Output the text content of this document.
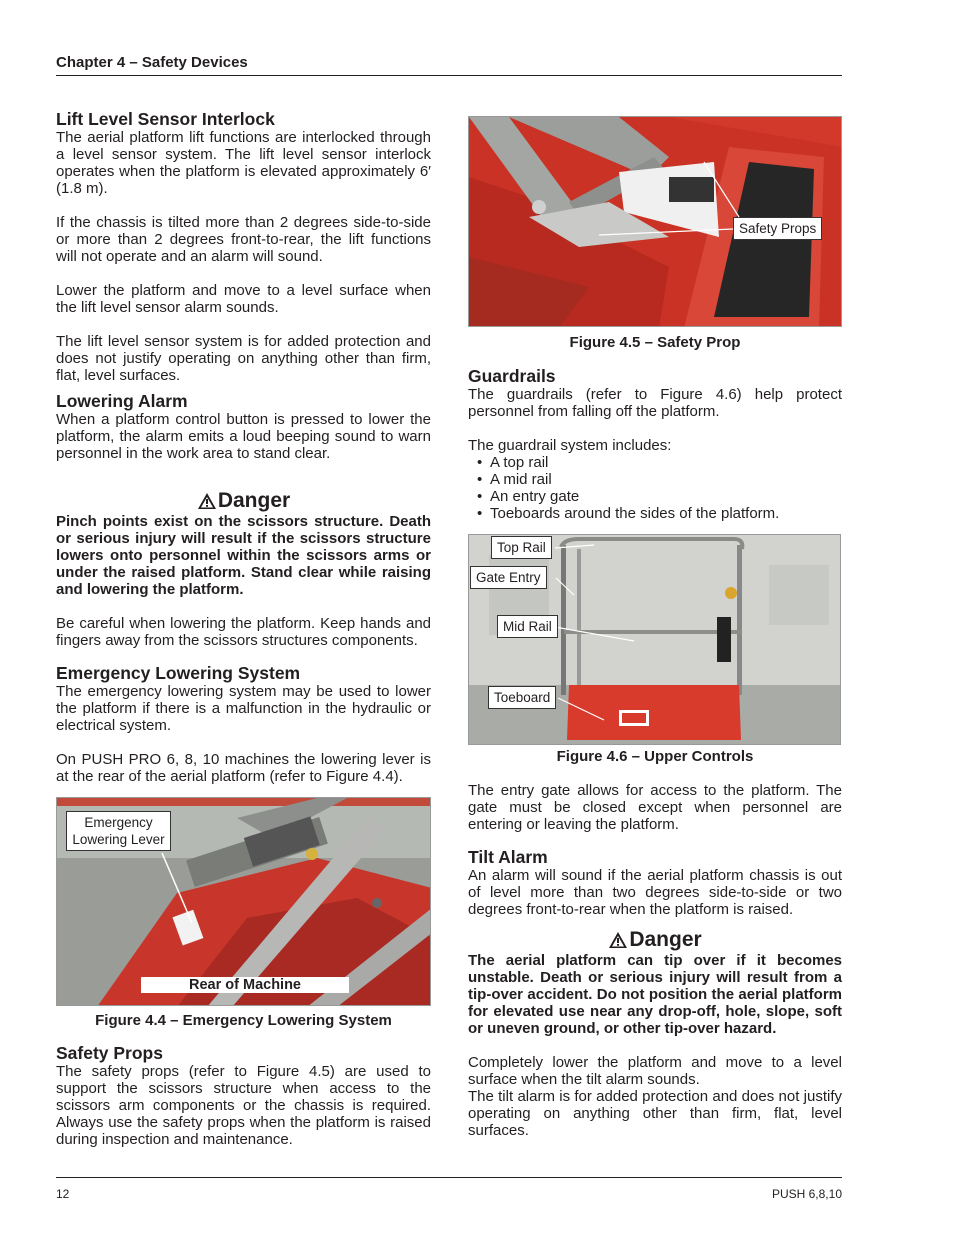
Chapter 4 – Safety Devices
12	PUSH 6,8,10
Lift Level Sensor Interlock

The aerial platform lift functions are interlocked through a level sensor system. The lift level sensor interlock operates when the platform is elevated approximately 6′ (1.8 m).

If the chassis is tilted more than 2 degrees side-to-side or more than 2 degrees front-to-rear, the lift functions will not operate and an alarm will sound.

Lower the platform and move to a level surface when the lift level sensor alarm sounds.

The lift level sensor system is for added protection and does not justify operating on anything other than firm, flat, level surfaces.

Lowering Alarm

When a platform control button is pressed to lower the platform, the alarm emits a loud beeping sound to warn personnel in the work area to stand clear.

Danger

Pinch points exist on the scissors structure. Death or serious injury will result if the scissors structure lowers onto personnel within the scissors arms or under the raised platform. Stand clear while raising and lowering the platform.

Be careful when lowering the platform. Keep hands and fingers away from the scissors structures components.

Emergency Lowering System

The emergency lowering system may be used to lower the platform if there is a malfunction in the hydraulic or electrical system.

On PUSH PRO 6, 8, 10 machines the lowering lever is at the rear of the aerial platform (refer to Figure 4.4).

Emergency Lowering Lever
Rear of Machine
Figure 4.4 – Emergency Lowering System
Safety Props

The safety props (refer to Figure 4.5) are used to support the scissors structure when access to the scissors arm components or the chassis is required. Always use the safety props when the platform is raised during inspection and maintenance.

Safety Props
Figure 4.5 – Safety Prop
Guardrails

The guardrails (refer to Figure 4.6) help protect personnel from falling off the platform.

The guardrail system includes:

• A top rail
• A mid rail
• An entry gate
• Toeboards around the sides of the platform.
Top Rail
Gate Entry
Mid Rail
Toeboard
Figure 4.6 – Upper Controls

The entry gate allows for access to the platform. The gate must be closed except when personnel are entering or leaving the platform.

Tilt Alarm

An alarm will sound if the aerial platform chassis is out of level more than two degrees side-to-side or two degrees front-to-rear when the platform is raised.

Danger

The aerial platform can tip over if it becomes unstable. Death or serious injury will result from a tip-over accident. Do not position the aerial platform for elevated use near any drop-off, hole, slope, soft or uneven ground, or other tip-over hazard.

Completely lower the platform and move to a level surface when the tilt alarm sounds.

The tilt alarm is for added protection and does not justify operating on anything other than firm, flat, level surfaces.
